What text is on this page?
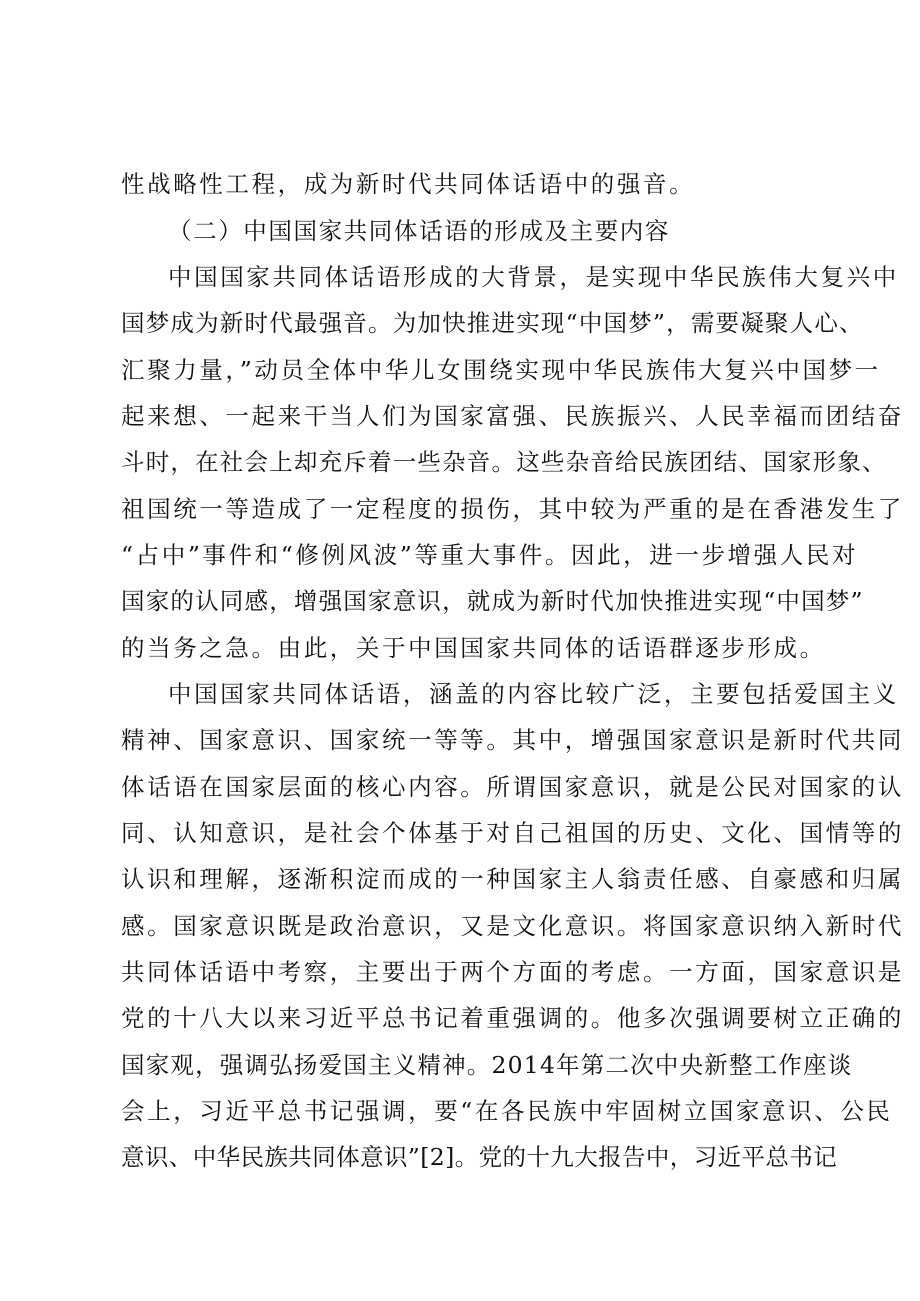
性战略性工程，成为新时代共同体话语中的强音。
（二）中国国家共同体话语的形成及主要内容
中国国家共同体话语形成的大背景，是实现中华民族伟大复兴中
国梦成为新时代最强音。为加快推进实现“中国梦”，需要凝聚人心、
汇聚力量，”动员全体中华儿女围绕实现中华民族伟大复兴中国梦一
起来想、一起来干当人们为国家富强、民族振兴、人民幸福而团结奋
斗时，在社会上却充斥着一些杂音。这些杂音给民族团结、国家形象、
祖国统一等造成了一定程度的损伤，其中较为严重的是在香港发生了
“占中”事件和“修例风波”等重大事件。因此，进一步增强人民对
国家的认同感，增强国家意识，就成为新时代加快推进实现“中国梦”
的当务之急。由此，关于中国国家共同体的话语群逐步形成。
中国国家共同体话语，涵盖的内容比较广泛，主要包括爱国主义
精神、国家意识、国家统一等等。其中，增强国家意识是新时代共同
体话语在国家层面的核心内容。所谓国家意识，就是公民对国家的认
同、认知意识，是社会个体基于对自己祖国的历史、文化、国情等的
认识和理解，逐渐积淀而成的一种国家主人翁责任感、自豪感和归属
感。国家意识既是政治意识，又是文化意识。将国家意识纳入新时代
共同体话语中考察，主要出于两个方面的考虑。一方面，国家意识是
党的十八大以来习近平总书记着重强调的。他多次强调要树立正确的
国家观，强调弘扬爱国主义精神。2014年第二次中央新整工作座谈
会上，习近平总书记强调，要“在各民族中牢固树立国家意识、公民
意识、中华民族共同体意识”[2]。党的十九大报告中，习近平总书记
